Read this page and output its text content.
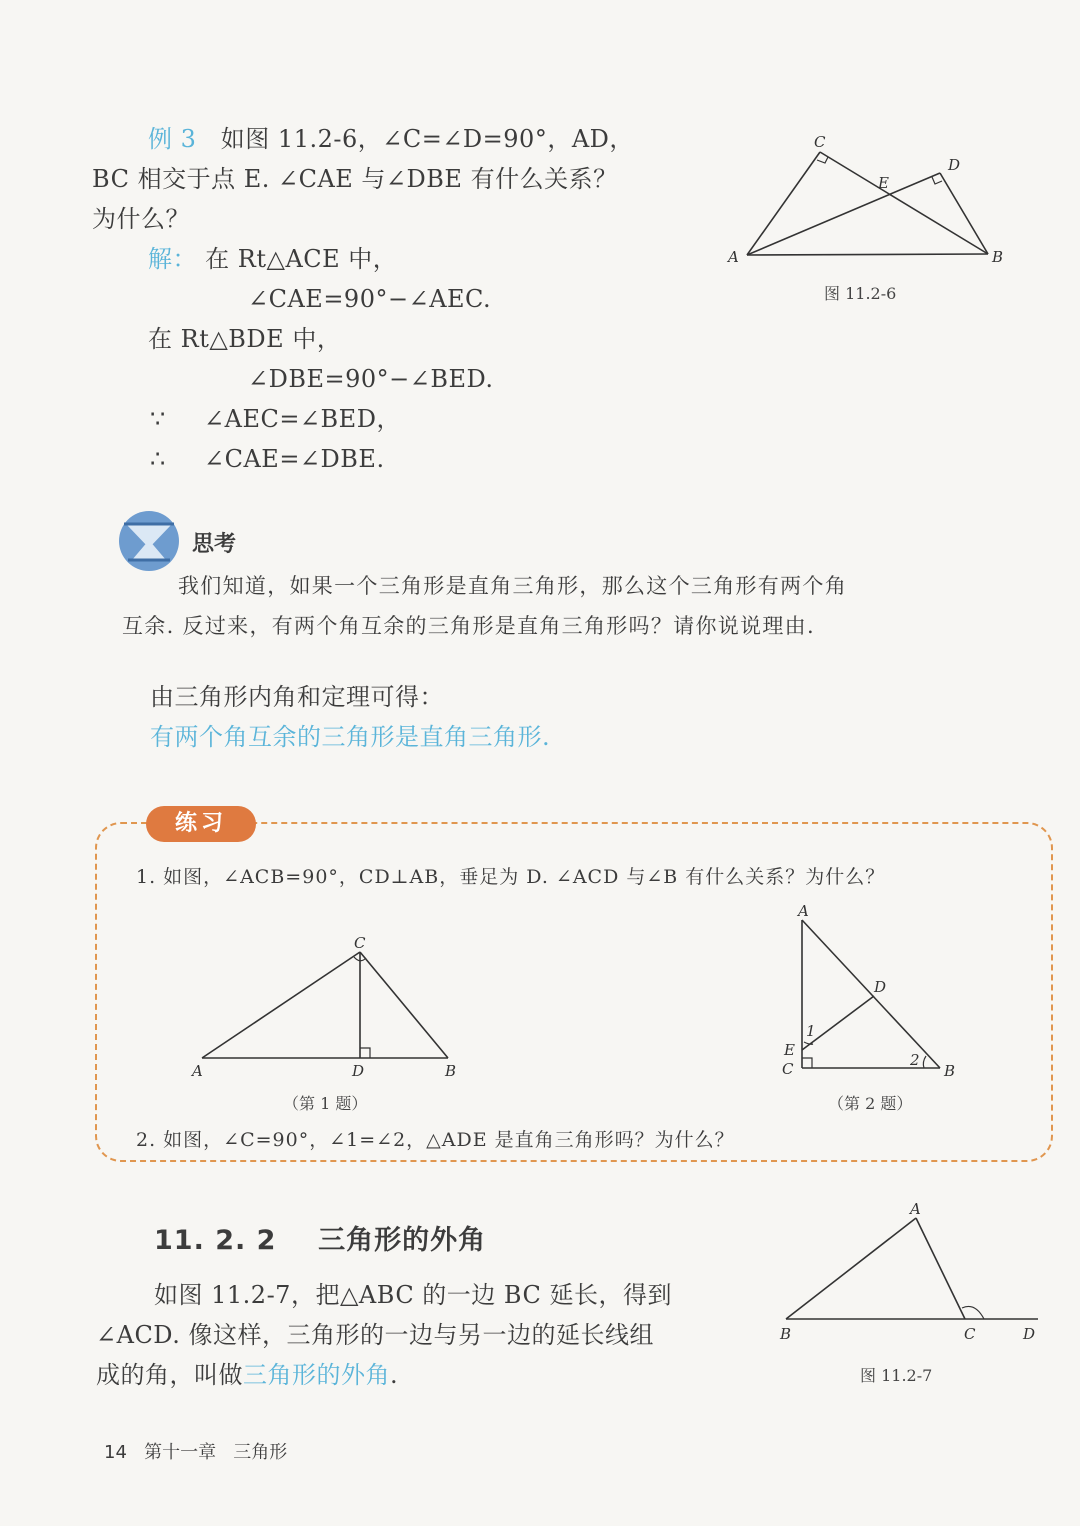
例 3 如图 11.2-6，∠C=∠D=90°，AD，
BC 相交于点 E. ∠CAE 与∠DBE 有什么关系？
为什么？
解： 在 Rt△ACE 中，
∠CAE=90°−∠AEC.
在 Rt△BDE 中，
∠DBE=90°−∠BED.
∵ ∠AEC=∠BED，
∴ ∠CAE=∠DBE.
A
C
E
D
B
图 11.2-6
思考
我们知道，如果一个三角形是直角三角形，那么这个三角形有两个角
互余. 反过来，有两个角互余的三角形是直角三角形吗？请你说说理由.
由三角形内角和定理可得：
有两个角互余的三角形是直角三角形.
练习
1. 如图，∠ACB=90°，CD⊥AB，垂足为 D. ∠ACD 与∠B 有什么关系？为什么？
A
C
D	B
（第 1 题）
A
D
1
E
C	2
B
（第 2 题）
2. 如图，∠C=90°，∠1=∠2，△ADE 是直角三角形吗？为什么？
11. 2. 2 三角形的外角
如图 11.2-7，把△ABC 的一边 BC 延长，得到
∠ACD. 像这样，三角形的一边与另一边的延长线组
成的角，叫做三角形的外角.
A
B	C	D
图 11.2-7
14 第十一章 三角形
